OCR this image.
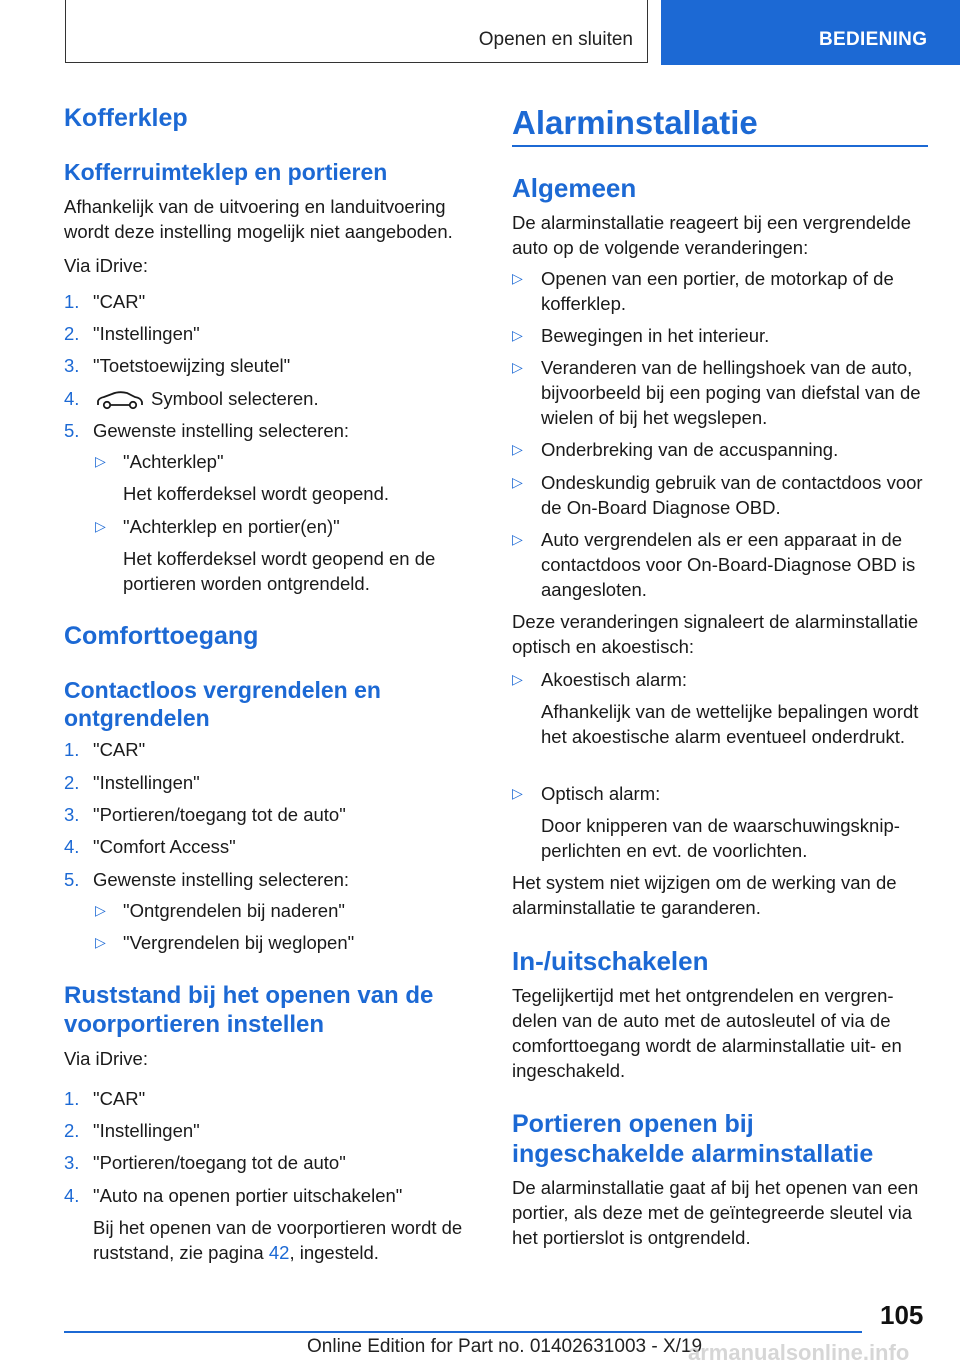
Openen en sluiten	BEDIENING
Kofferklep
Kofferruimteklep en portieren
Afhankelijk van de uitvoering en landuitvoering wordt deze instelling mogelijk niet aangeboden.
Via iDrive:
1. "CAR"
2. "Instellingen"
3. "Toetstoewijzing sleutel"
4.	Symbool selecteren.
5. Gewenste instelling selecteren:
▷ "Achterklep"
Het kofferdeksel wordt geopend.
▷ "Achterklep en portier(en)"
Het kofferdeksel wordt geopend en de portieren worden ontgrendeld.
Comforttoegang
Contactloos vergrendelen en ontgrendelen
1. "CAR"
2. "Instellingen"
3. "Portieren/toegang tot de auto"
4. "Comfort Access"
5. Gewenste instelling selecteren:
▷ "Ontgrendelen bij naderen"
▷ "Vergrendelen bij weglopen"
Ruststand bij het openen van de voorportieren instellen
Via iDrive:
1. "CAR"
2. "Instellingen"
3. "Portieren/toegang tot de auto"
4. "Auto na openen portier uitschakelen"
Bij het openen van de voorportieren wordt de ruststand, zie pagina 42, ingesteld.
Alarminstallatie
Algemeen
De alarminstallatie reageert bij een vergrendelde auto op de volgende veranderingen:
▷ Openen van een portier, de motorkap of de kofferklep.
▷ Bewegingen in het interieur.
▷ Veranderen van de hellingshoek van de auto, bijvoorbeeld bij een poging van diefstal van de wielen of bij het wegslepen.
▷ Onderbreking van de accuspanning.
▷ Ondeskundig gebruik van de contactdoos voor de On-Board Diagnose OBD.
▷ Auto vergrendelen als er een apparaat in de contactdoos voor On-Board-Diagnose OBD is aangesloten.
Deze veranderingen signaleert de alarminstallatie optisch en akoestisch:
▷ Akoestisch alarm:
Afhankelijk van de wettelijke bepalingen wordt het akoestische alarm eventueel onderdrukt.
▷ Optisch alarm:
Door knipperen van de waarschuwingsknipperlichten en evt. de voorlichten.
Het system niet wijzigen om de werking van de alarminstallatie te garanderen.
In-/uitschakelen
Tegelijkertijd met het ontgrendelen en vergrendelen van de auto met de autosleutel of via de comforttoegang wordt de alarminstallatie uit- en ingeschakeld.
Portieren openen bij ingeschakelde alarminstallatie
De alarminstallatie gaat af bij het openen van een portier, als deze met de geïntegreerde sleutel via het portierslot is ontgrendeld.
105
Online Edition for Part no. 01402631003 - X/19
armanualsonline.info
